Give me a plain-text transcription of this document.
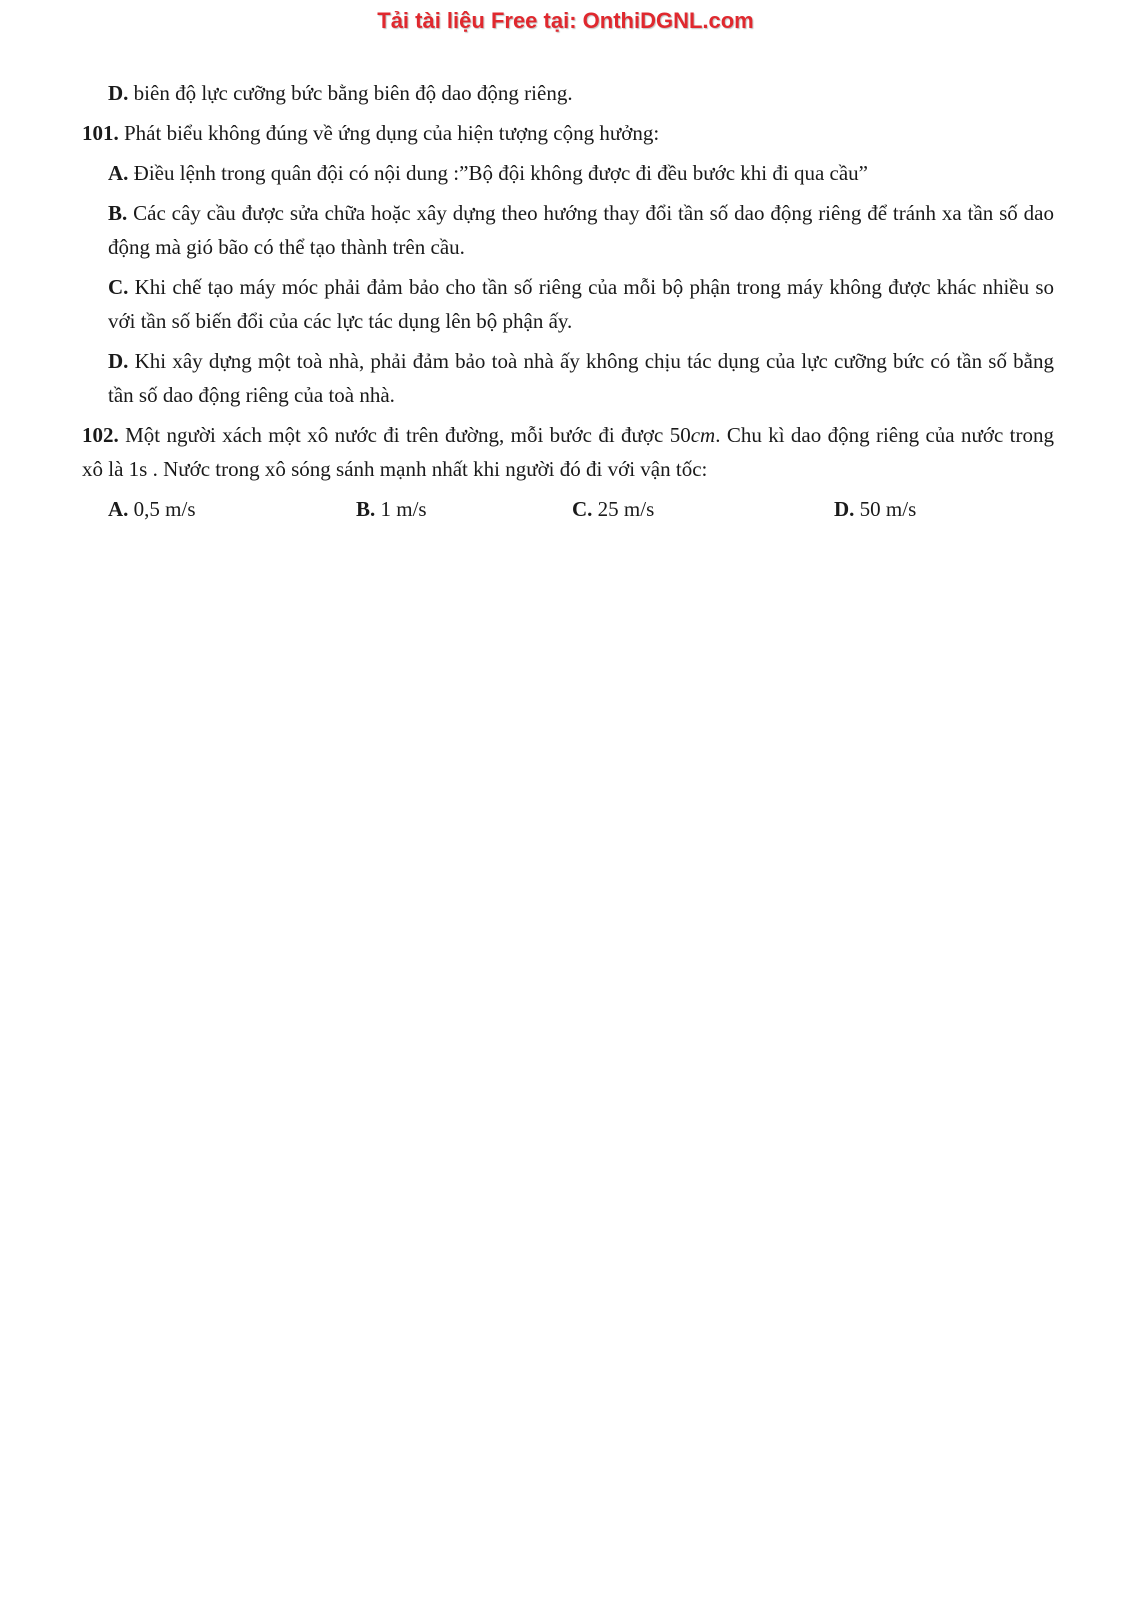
Tải tài liệu Free tại: OnthiDGNL.com

D. biên độ lực cưỡng bức bằng biên độ dao động riêng.

101. Phát biểu không đúng về ứng dụng của hiện tượng cộng hưởng:

A. Điều lệnh trong quân đội có nội dung :”Bộ đội không được đi đều bước khi đi qua cầu”

B. Các cây cầu được sửa chữa hoặc xây dựng theo hướng thay đổi tần số dao động riêng để tránh xa tần số dao động mà gió bão có thể tạo thành trên cầu.

C. Khi chế tạo máy móc phải đảm bảo cho tần số riêng của mỗi bộ phận trong máy không được khác nhiều so với tần số biến đổi của các lực tác dụng lên bộ phận ấy.

D. Khi xây dựng một toà nhà, phải đảm bảo toà nhà ấy không chịu tác dụng của lực cưỡng bức có tần số bằng tần số dao động riêng của toà nhà.

102. Một người xách một xô nước đi trên đường, mỗi bước đi được 50cm. Chu kì dao động riêng của nước trong xô là 1s . Nước trong xô sóng sánh mạnh nhất khi người đó đi với vận tốc:

A. 0,5 m/s	B. 1 m/s	C. 25 m/s	D. 50 m/s
